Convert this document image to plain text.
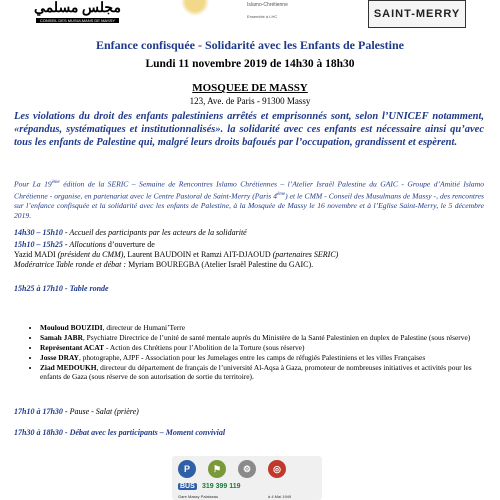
مجلس مسلمي
CONSEIL DES MUSULMANS DE MASSY
Islamo-Chrétienne
Ensemble à LHC	SAINT-MERRY
Enfance confisquée - Solidarité avec les Enfants de Palestine
Lundi 11 novembre 2019 de 14h30 à 18h30
MOSQUEE DE MASSY
123, Ave. de Paris - 91300 Massy
Les violations du droit des enfants palestiniens arrêtés et emprisonnés sont, selon l’UNICEF notamment, «répandus, systématiques et institutionnalisés». la solidarité avec ces enfants est nécessaire ainsi qu’avec tous les enfants de Palestine qui, malgré leurs droits bafoués par l’occupation, grandissent et espèrent.
Pour La 19ème édition de la SERIC – Semaine de Rencontres Islamo Chrétiennes – l’Atelier Israël Palestine du GAIC - Groupe d’Amitié Islamo Chrétienne - organise, en partenariat avec le Centre Pastoral de Saint-Merry (Paris 4ème) et le CMM - Conseil des Musulmans de Massy -, des rencontres sur l’enfance confisquée et la solidarité avec les enfants de Palestine, à la Mosquée de Massy le 16 novembre et à l’Eglise Saint-Merry, le 5 décembre 2019.
14h30 – 15h10 - Accueil des participants par les acteurs de la solidarité
15h10 – 15h25 - Allocutions d’ouverture de
Yazid MADI (président du CMM), Laurent BAUDOIN et Ramzi AIT-DJAOUD (partenaires SERIC)
Modératrice Table ronde et débat : Myriam BOUREGBA (Atelier Israël Palestine du GAIC).
15h25 à 17h10 - Table ronde
• Mouloud BOUZIDI, directeur de Humani’Terre
• Samah JABR, Psychiatre Directrice de l’unité de santé mentale auprès du Ministère de la Santé Palestinien en duplex de Palestine (sous réserve)
• Représentant ACAT - Action des Chrétiens pour l’Abolition de la Torture (sous réserve)
• Josse DRAY, photographe, AJPF - Association pour les Jumelages entre les camps de réfugiés Palestiniens et les villes Françaises
• Ziad MEDOUKH, directeur du département de français de l’université Al-Aqsa à Gaza, promoteur de nombreuses initiatives et activités pour les enfants de Gaza (sous réserve de son autorisation de sortie du territoire).
17h10 à 17h30 - Pause - Salat (prière)
17h30 à 18h30 - Débat avec les participants – Moment convivial
P	⚑	⚙	◎
BUS 319 399 119
Gare Massy Palaiseau	à 4 Mai 1949
